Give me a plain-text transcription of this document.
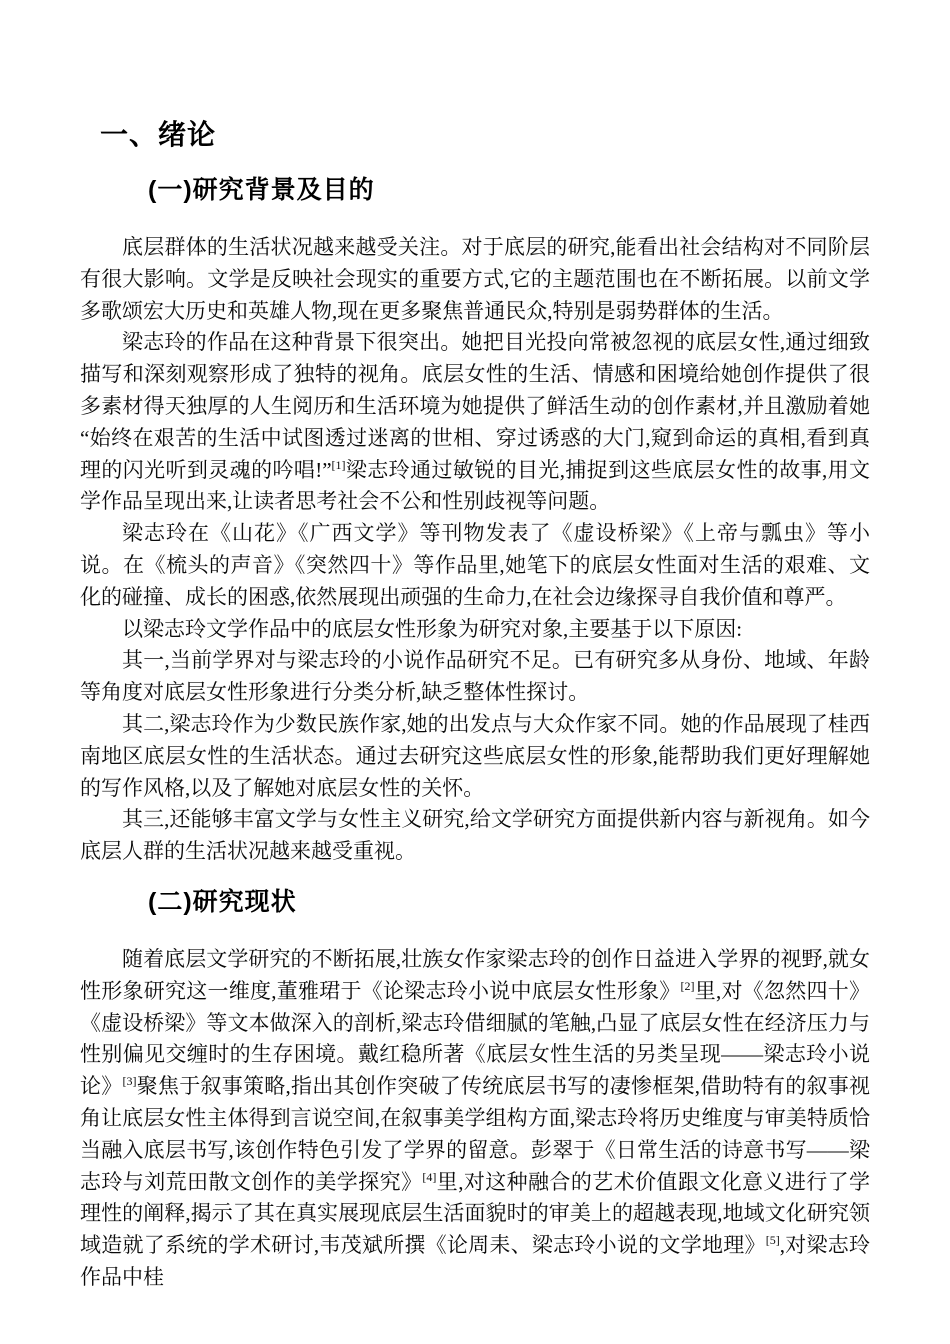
一、绪论
(一)研究背景及目的

底层群体的生活状况越来越受关注。对于底层的研究,能看出社会结构对不同阶层有很大影响。文学是反映社会现实的重要方式,它的主题范围也在不断拓展。以前文学多歌颂宏大历史和英雄人物,现在更多聚焦普通民众,特别是弱势群体的生活。

梁志玲的作品在这种背景下很突出。她把目光投向常被忽视的底层女性,通过细致描写和深刻观察形成了独特的视角。底层女性的生活、情感和困境给她创作提供了很多素材得天独厚的人生阅历和生活环境为她提供了鲜活生动的创作素材,并且激励着她“始终在艰苦的生活中试图透过迷离的世相、穿过诱惑的大门,窥到命运的真相,看到真理的闪光听到灵魂的吟唱!”[1]梁志玲通过敏锐的目光,捕捉到这些底层女性的故事,用文学作品呈现出来,让读者思考社会不公和性别歧视等问题。

梁志玲在《山花》《广西文学》等刊物发表了《虚设桥梁》《上帝与瓢虫》等小说。在《梳头的声音》《突然四十》等作品里,她笔下的底层女性面对生活的艰难、文化的碰撞、成长的困惑,依然展现出顽强的生命力,在社会边缘探寻自我价值和尊严。

以梁志玲文学作品中的底层女性形象为研究对象,主要基于以下原因:

其一,当前学界对与梁志玲的小说作品研究不足。已有研究多从身份、地域、年龄等角度对底层女性形象进行分类分析,缺乏整体性探讨。

其二,梁志玲作为少数民族作家,她的出发点与大众作家不同。她的作品展现了桂西南地区底层女性的生活状态。通过去研究这些底层女性的形象,能帮助我们更好理解她的写作风格,以及了解她对底层女性的关怀。

其三,还能够丰富文学与女性主义研究,给文学研究方面提供新内容与新视角。如今底层人群的生活状况越来越受重视。

(二)研究现状

随着底层文学研究的不断拓展,壮族女作家梁志玲的创作日益进入学界的视野,就女性形象研究这一维度,董雅珺于《论梁志玲小说中底层女性形象》[2]里,对《忽然四十》《虚设桥梁》等文本做深入的剖析,梁志玲借细腻的笔触,凸显了底层女性在经济压力与性别偏见交缠时的生存困境。戴红稳所著《底层女性生活的另类呈现——梁志玲小说论》[3]聚焦于叙事策略,指出其创作突破了传统底层书写的凄惨框架,借助特有的叙事视角让底层女性主体得到言说空间,在叙事美学组构方面,梁志玲将历史维度与审美特质恰当融入底层书写,该创作特色引发了学界的留意。彭翠于《日常生活的诗意书写——梁志玲与刘荒田散文创作的美学探究》[4]里,对这种融合的艺术价值跟文化意义进行了学理性的阐释,揭示了其在真实展现底层生活面貌时的审美上的超越表现,地域文化研究领域造就了系统的学术研讨,韦茂斌所撰《论周耒、梁志玲小说的文学地理》[5],对梁志玲作品中桂
